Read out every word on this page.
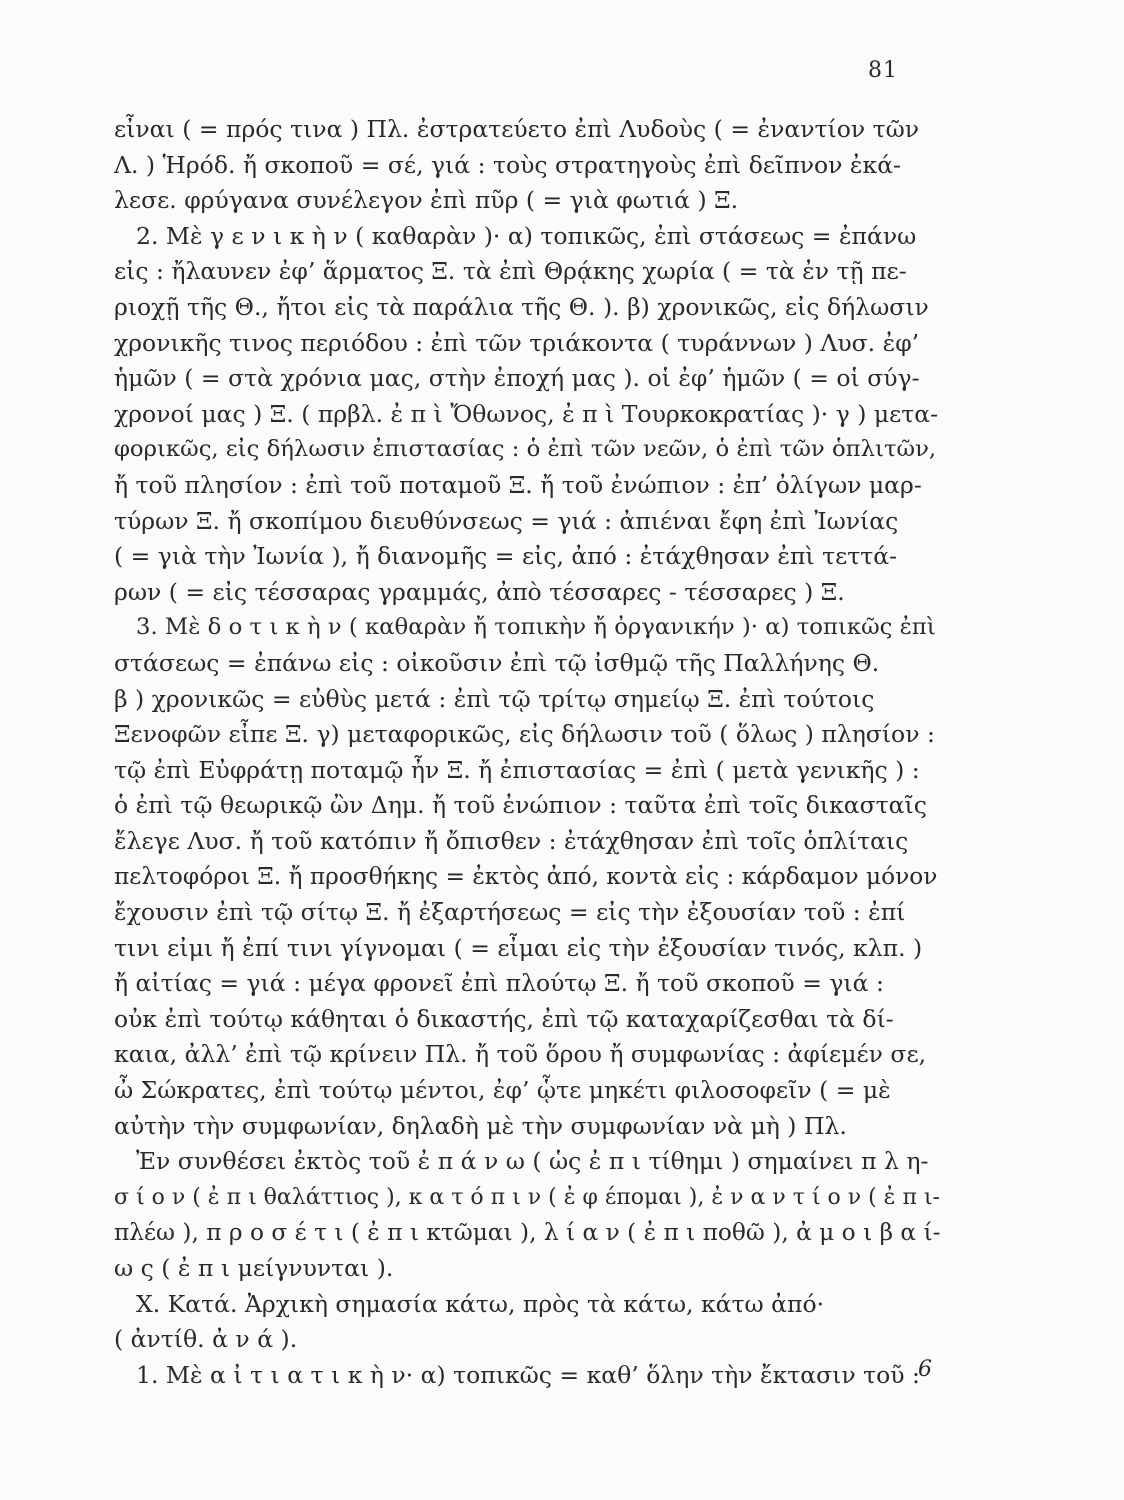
81
εἶναι ( = πρός τινα ) Πλ. ἐστρατεύετο ἐπὶ Λυδοὺς ( = ἐναντίον τῶν
Λ. ) Ἡρόδ. ἤ σκοποῦ = σέ, γιά : τοὺς στρατηγοὺς ἐπὶ δεῖπνον ἐκά-
λεσε. φρύγανα συνέλεγον ἐπὶ πῦρ ( = γιὰ φωτιά ) Ξ.
2. Μὲ γ ε ν ι κ ὴ ν ( καθαρὰν )· α) τοπικῶς, ἐπὶ στάσεως = ἐπάνω
εἰς : ἤλαυνεν ἐφ’ ἅρματος Ξ. τὰ ἐπὶ Θρᾴκης χωρία ( = τὰ ἐν τῇ πε-
ριοχῇ τῆς Θ., ἤτοι εἰς τὰ παράλια τῆς Θ. ). β) χρονικῶς, εἰς δήλωσιν
χρονικῆς τινος περιόδου : ἐπὶ τῶν τριάκοντα ( τυράννων ) Λυσ. ἐφ’
ἡμῶν ( = στὰ χρόνια μας, στὴν ἐποχή μας ). οἱ ἐφ’ ἡμῶν ( = οἱ σύγ-
χρονοί μας ) Ξ. ( πρβλ. ἐ π ὶ Ὄθωνος, ἐ π ὶ Τουρκοκρατίας )· γ ) μετα-
φορικῶς, εἰς δήλωσιν ἐπιστασίας : ὁ ἐπὶ τῶν νεῶν, ὁ ἐπὶ τῶν ὁπλιτῶν,
ἤ τοῦ πλησίον : ἐπὶ τοῦ ποταμοῦ Ξ. ἤ τοῦ ἐνώπιον : ἐπ’ ὀλίγων μαρ-
τύρων Ξ. ἤ σκοπίμου διευθύνσεως = γιά : ἀπιέναι ἔφη ἐπὶ Ἰωνίας
( = γιὰ τὴν Ἰωνία ), ἤ διανομῆς = εἰς, ἀπό : ἐτάχθησαν ἐπὶ τεττά-
ρων ( = εἰς τέσσαρας γραμμάς, ἀπὸ τέσσαρες - τέσσαρες ) Ξ.
3. Μὲ δ ο τ ι κ ὴ ν ( καθαρὰν ἤ τοπικὴν ἤ ὀργανικήν )· α) τοπικῶς ἐπὶ
στάσεως = ἐπάνω εἰς : οἰκοῦσιν ἐπὶ τῷ ἰσθμῷ τῆς Παλλήνης Θ.
β ) χρονικῶς = εὐθὺς μετά : ἐπὶ τῷ τρίτῳ σημείῳ Ξ. ἐπὶ τούτοις
Ξενοφῶν εἶπε Ξ. γ) μεταφορικῶς, εἰς δήλωσιν τοῦ ( ὅλως ) πλησίον :
τῷ ἐπὶ Εὐφράτῃ ποταμῷ ἦν Ξ. ἤ ἐπιστασίας = ἐπὶ ( μετὰ γενικῆς ) :
ὁ ἐπὶ τῷ θεωρικῷ ὢν Δημ. ἤ τοῦ ἐνώπιον : ταῦτα ἐπὶ τοῖς δικασταῖς
ἔλεγε Λυσ. ἤ τοῦ κατόπιν ἤ ὄπισθεν : ἐτάχθησαν ἐπὶ τοῖς ὁπλίταις
πελτοφόροι Ξ. ἤ προσθήκης = ἐκτὸς ἀπό, κοντὰ εἰς : κάρδαμον μόνον
ἔχουσιν ἐπὶ τῷ σίτῳ Ξ. ἤ ἐξαρτήσεως = εἰς τὴν ἐξουσίαν τοῦ : ἐπί
τινι εἰμι ἤ ἐπί τινι γίγνομαι ( = εἶμαι εἰς τὴν ἐξουσίαν τινός, κλπ. )
ἤ αἰτίας = γιά : μέγα φρονεῖ ἐπὶ πλούτῳ Ξ. ἤ τοῦ σκοποῦ = γιά :
οὐκ ἐπὶ τούτῳ κάθηται ὁ δικαστής, ἐπὶ τῷ καταχαρίζεσθαι τὰ δί-
καια, ἀλλ’ ἐπὶ τῷ κρίνειν Πλ. ἤ τοῦ ὅρου ἤ συμφωνίας : ἀφίεμέν σε,
ὦ Σώκρατες, ἐπὶ τούτῳ μέντοι, ἐφ’ ᾧτε μηκέτι φιλοσοφεῖν ( = μὲ
αὐτὴν τὴν συμφωνίαν, δηλαδὴ μὲ τὴν συμφωνίαν νὰ μὴ ) Πλ.
Ἐν συνθέσει ἐκτὸς τοῦ ἐ π ά ν ω ( ὡς ἐ π ι τίθημι ) σημαίνει π λ η-
σ ί ο ν ( ἐ π ι θαλάττιος ), κ α τ ό π ι ν ( ἐ φ έπομαι ), ἐ ν α ν τ ί ο ν ( ἐ π ι-
πλέω ), π ρ ο σ έ τ ι ( ἐ π ι κτῶμαι ), λ ί α ν ( ἐ π ι ποθῶ ), ἀ μ ο ι β α ί-
ω ς ( ἐ π ι μείγνυνται ).
Χ. Κατά. Ἀρχικὴ σημασία κάτω, πρὸς τὰ κάτω, κάτω ἀπό·
( ἀντίθ. ἀ ν ά ).
1. Μὲ α ἰ τ ι α τ ι κ ὴ ν· α) τοπικῶς = καθ’ ὅλην τὴν ἔκτασιν τοῦ :
6
